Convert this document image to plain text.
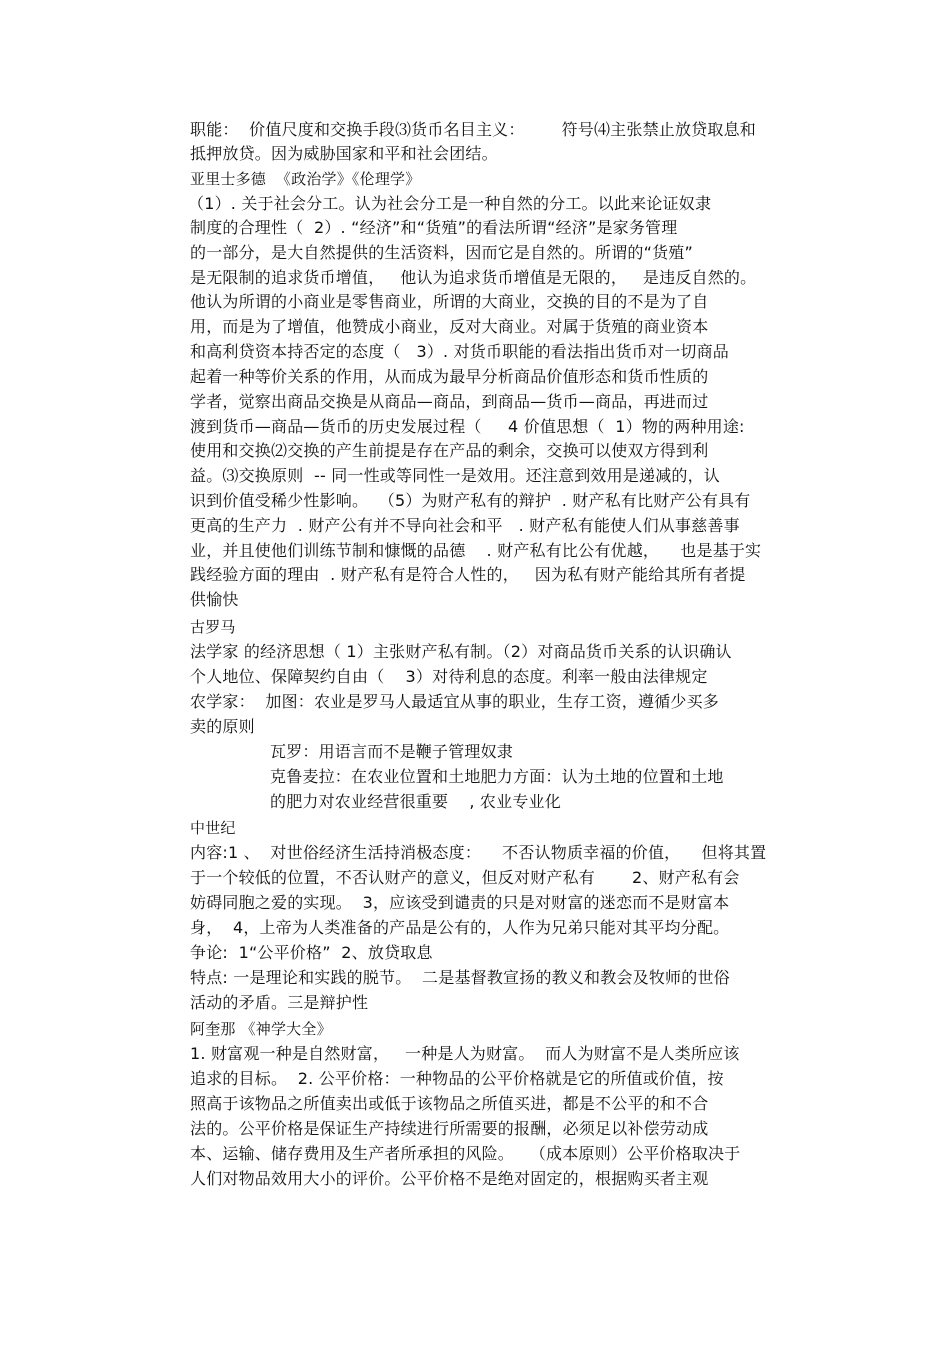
职能：  价值尺度和交换手段⑶货币名目主义：       符号⑷主张禁止放贷取息和
抵押放贷。因为威胁国家和平和社会团结。
亚里士多德  《政治学》《伦理学》
（1）. 关于社会分工。认为社会分工是一种自然的分工。以此来论证奴隶
制度的合理性（  2）. “经济”和“货殖”的看法所谓“经济”是家务管理
的一部分，是大自然提供的生活资料，因而它是自然的。所谓的“货殖”
是无限制的追求货币增值，   他认为追求货币增值是无限的，   是违反自然的。
他认为所谓的小商业是零售商业，所谓的大商业，交换的目的不是为了自
用，而是为了增值，他赞成小商业，反对大商业。对属于货殖的商业资本
和高利贷资本持否定的态度（   3）. 对货币职能的看法指出货币对一切商品
起着一种等价关系的作用，从而成为最早分析商品价值形态和货币性质的
学者，觉察出商品交换是从商品—商品，到商品—货币—商品，再进而过
渡到货币—商品—货币的历史发展过程（     4 价值思想（  1）物的两种用途:
使用和交换⑵交换的产生前提是存在产品的剩余，交换可以使双方得到利
益。⑶交换原则  -- 同一性或等同性一是效用。还注意到效用是递减的，认
识到价值受稀少性影响。  （5）为财产私有的辩护  . 财产私有比财产公有具有
更高的生产力  . 财产公有并不导向社会和平   . 财产私有能使人们从事慈善事
业，并且使他们训练节制和慷慨的品德    . 财产私有比公有优越，    也是基于实
践经验方面的理由  . 财产私有是符合人性的，   因为私有财产能给其所有者提
供愉快
古罗马
法学家 的经济思想（ 1）主张财产私有制。（2）对商品货币关系的认识确认
个人地位、保障契约自由（    3）对待利息的态度。利率一般由法律规定
农学家：  加图：农业是罗马人最适宜从事的职业，生存工资，遵循少买多
卖的原则
瓦罗：用语言而不是鞭子管理奴隶
克鲁麦拉：在农业位置和土地肥力方面：认为土地的位置和土地
的肥力对农业经营很重要    , 农业专业化
中世纪
内容:1 、  对世俗经济生活持消极态度：    不否认物质幸福的价值，    但将其置
于一个较低的位置，不否认财产的意义，但反对财产私有       2、财产私有会
妨碍同胞之爱的实现。  3，应该受到谴责的只是对财富的迷恋而不是财富本
身，  4，上帝为人类准备的产品是公有的，人作为兄弟只能对其平均分配。
争论:  1“公平价格”  2、放贷取息
特点: 一是理论和实践的脱节。  二是基督教宣扬的教义和教会及牧师的世俗
活动的矛盾。三是辩护性
阿奎那 《神学大全》
1. 财富观一种是自然财富，   一种是人为财富。  而人为财富不是人类所应该
追求的目标。  2. 公平价格：一种物品的公平价格就是它的所值或价值，按
照高于该物品之所值卖出或低于该物品之所值买进，都是不公平的和不合
法的。公平价格是保证生产持续进行所需要的报酬，必须足以补偿劳动成
本、运输、储存费用及生产者所承担的风险。   （成本原则）公平价格取决于
人们对物品效用大小的评价。公平价格不是绝对固定的，根据购买者主观
